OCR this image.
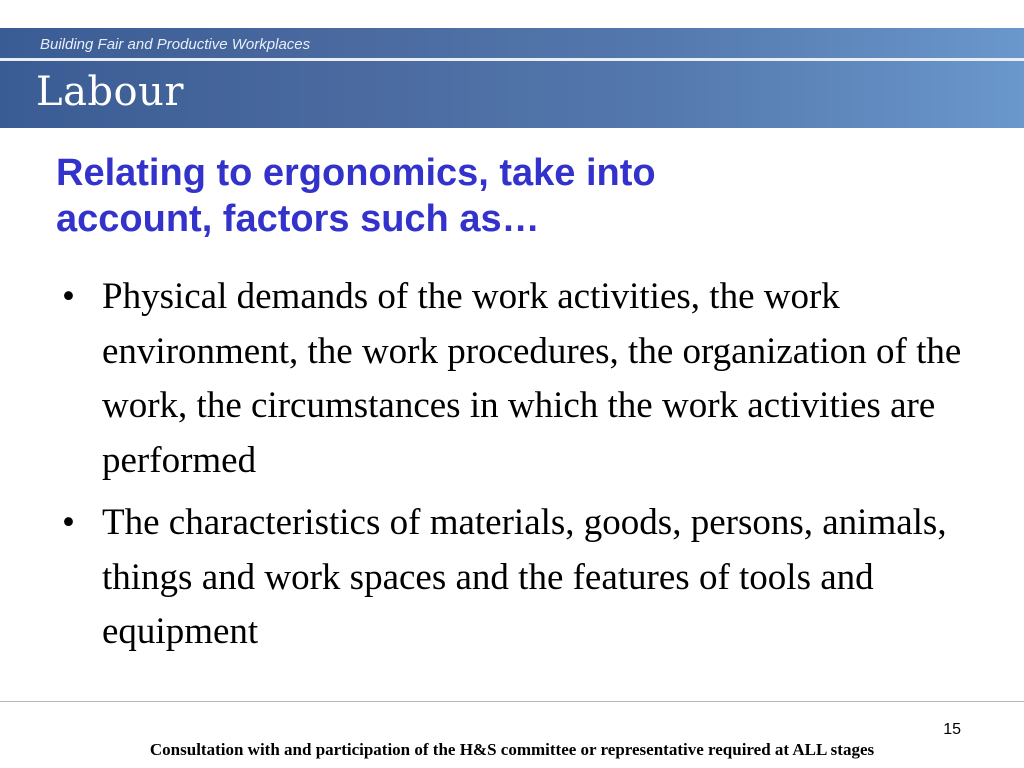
Building Fair and Productive Workplaces
Labour
Relating to ergonomics, take into
account, factors such as…
• Physical demands of the work activities, the work environment, the work procedures, the organization of the work, the circumstances in which the work activities are performed
• The characteristics of materials, goods, persons, animals, things and work spaces and the features of tools and equipment
15
Consultation with and participation of the H&S committee or representative required at ALL stages
